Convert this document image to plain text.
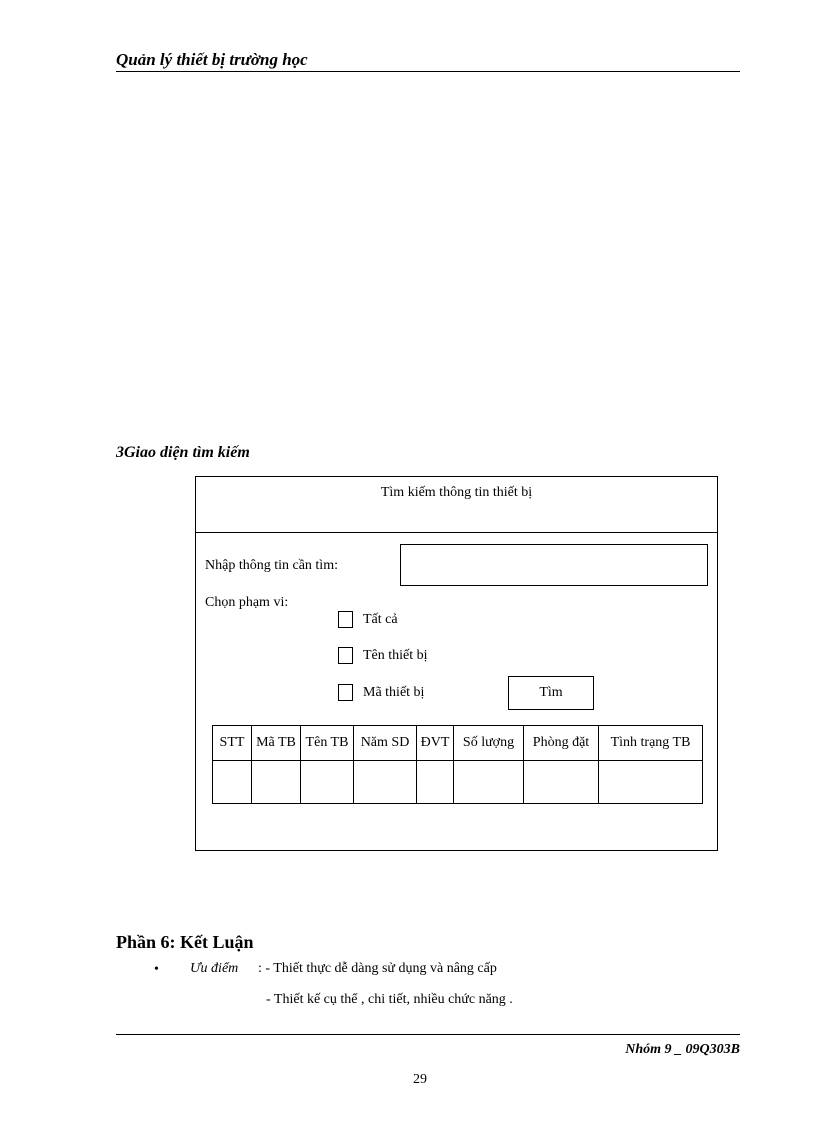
Quản lý thiết bị trường học
3Giao diện tìm kiếm
Tìm kiếm thông tin thiết bị
Nhập thông tin cần tìm:
Chọn phạm vi:
Tất cả
Tên thiết bị
Mã thiết bị	Tìm
STT	Mã TB	Tên TB	Năm SD	ĐVT	Số lượng	Phòng đặt	Tình trạng TB

Phần 6: Kết Luận
• Ưu điểm : - Thiết thực dễ dàng sử dụng và nâng cấp
- Thiết kế cụ thể , chi tiết, nhiều chức năng .
Nhóm 9 _ 09Q303B
29
